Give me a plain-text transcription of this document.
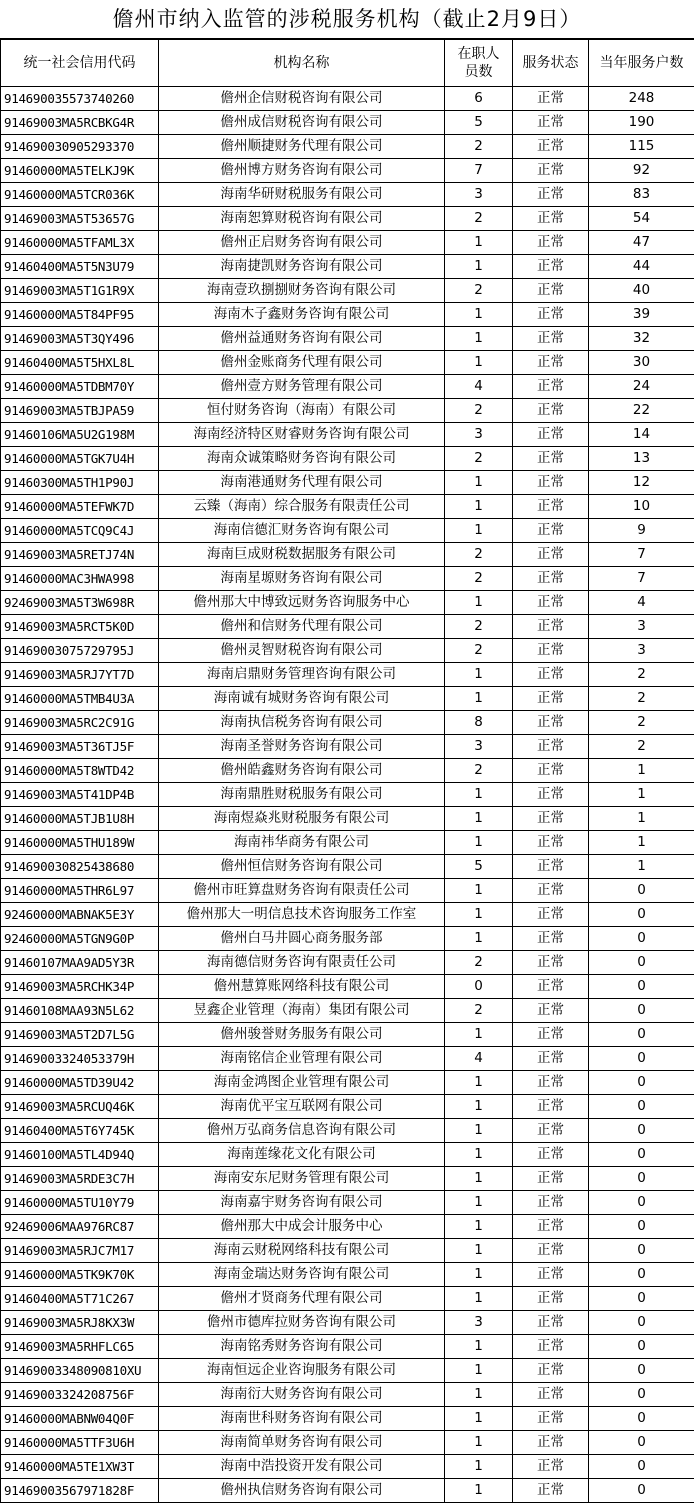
儋州市纳入监管的涉税服务机构（截止2月9日）
统一社会信用代码	机构名称	在职人员数	服务状态	当年服务户数
914690035573740260	儋州企信财税咨询有限公司	6	正常	248
91469003MA5RCBKG4R	儋州成信财税咨询有限公司	5	正常	190
914690030905293370	儋州顺捷财务代理有限公司	2	正常	115
91460000MA5TELKJ9K	儋州博方财务咨询有限公司	7	正常	92
91460000MA5TCR036K	海南华研财税服务有限公司	3	正常	83
91469003MA5T53657G	海南恕算财税咨询有限公司	2	正常	54
91460000MA5TFAML3X	儋州正启财务咨询有限公司	1	正常	47
91460400MA5T5N3U79	海南捷凯财务咨询有限公司	1	正常	44
91469003MA5T1G1R9X	海南壹玖捌捌财务咨询有限公司	2	正常	40
91460000MA5T84PF95	海南木子鑫财务咨询有限公司	1	正常	39
91469003MA5T3QY496	儋州益通财务咨询有限公司	1	正常	32
91460400MA5T5HXL8L	儋州金账商务代理有限公司	1	正常	30
91460000MA5TDBM70Y	儋州壹方财务管理有限公司	4	正常	24
91469003MA5TBJPA59	恒付财务咨询（海南）有限公司	2	正常	22
91460106MA5U2G198M	海南经济特区财睿财务咨询有限公司	3	正常	14
91460000MA5TGK7U4H	海南众诚策略财务咨询有限公司	2	正常	13
91460300MA5TH1P90J	海南港通财务代理有限公司	1	正常	12
91460000MA5TEFWK7D	云臻（海南）综合服务有限责任公司	1	正常	10
91460000MA5TCQ9C4J	海南信德汇财务咨询有限公司	1	正常	9
91469003MA5RETJ74N	海南巨成财税数据服务有限公司	2	正常	7
91460000MAC3HWA998	海南星塬财务咨询有限公司	2	正常	7
92469003MA5T3W698R	儋州那大中博致远财务咨询服务中心	1	正常	4
91469003MA5RCT5K0D	儋州和信财务代理有限公司	2	正常	3
91469003075729795J	儋州灵智财税咨询有限公司	2	正常	3
91469003MA5RJ7YT7D	海南启鼎财务管理咨询有限公司	1	正常	2
91460000MA5TMB4U3A	海南诚有城财务咨询有限公司	1	正常	2
91469003MA5RC2C91G	海南执信税务咨询有限公司	8	正常	2
91469003MA5T36TJ5F	海南圣誉财务咨询有限公司	3	正常	2
91460000MA5T8WTD42	儋州皓鑫财务咨询有限公司	2	正常	1
91469003MA5T41DP4B	海南鼎胜财税服务有限公司	1	正常	1
91460000MA5TJB1U8H	海南煜焱兆财税服务有限公司	1	正常	1
91460000MA5THU189W	海南祎华商务有限公司	1	正常	1
914690030825438680	儋州恒信财务咨询有限公司	5	正常	1
91460000MA5THR6L97	儋州市旺算盘财务咨询有限责任公司	1	正常	0
92460000MABNAK5E3Y	儋州那大一明信息技术咨询服务工作室	1	正常	0
92460000MA5TGN9G0P	儋州白马井圆心商务服务部	1	正常	0
91460107MAA9AD5Y3R	海南德信财务咨询有限责任公司	2	正常	0
91469003MA5RCHK34P	儋州慧算账网络科技有限公司	0	正常	0
91460108MAA93N5L62	昱鑫企业管理（海南）集团有限公司	2	正常	0
91469003MA5T2D7L5G	儋州骏誉财务服务有限公司	1	正常	0
91469003324053379H	海南铭信企业管理有限公司	4	正常	0
91460000MA5TD39U42	海南金鸿图企业管理有限公司	1	正常	0
91469003MA5RCUQ46K	海南优平宝互联网有限公司	1	正常	0
91460400MA5T6Y745K	儋州万弘商务信息咨询有限公司	1	正常	0
91460100MA5TL4D94Q	海南莲缘花文化有限公司	1	正常	0
91469003MA5RDE3C7H	海南安东尼财务管理有限公司	1	正常	0
91460000MA5TU10Y79	海南嘉宇财务咨询有限公司	1	正常	0
92469006MAA976RC87	儋州那大中成会计服务中心	1	正常	0
91469003MA5RJC7M17	海南云财税网络科技有限公司	1	正常	0
91460000MA5TK9K70K	海南金瑞达财务咨询有限公司	1	正常	0
91460400MA5T71C267	儋州才贤商务代理有限公司	1	正常	0
91469003MA5RJ8KX3W	儋州市德库拉财务咨询有限公司	3	正常	0
91469003MA5RHFLC65	海南铭秀财务咨询有限公司	1	正常	0
91469003348090810XU	海南恒远企业咨询服务有限公司	1	正常	0
91469003324208756F	海南衍大财务咨询有限公司	1	正常	0
91460000MABNW04Q0F	海南世科财务咨询有限公司	1	正常	0
91460000MA5TTF3U6H	海南简单财务咨询有限公司	1	正常	0
91460000MA5TE1XW3T	海南中浩投资开发有限公司	1	正常	0
91469003567971828F	儋州执信财务咨询有限公司	1	正常	0
